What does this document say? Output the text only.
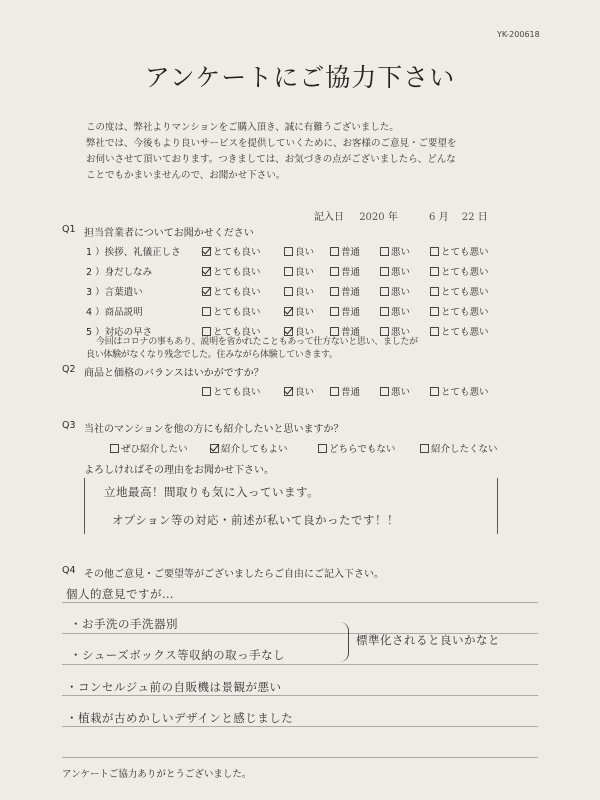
YK-200618
アンケートにご協力下さい
この度は、弊社よりマンションをご購入頂き、誠に有難うございました。
弊社では、今後もより良いサービスを提供していくために、お客様のご意見・ご要望を
お伺いさせて頂いております。つきましては、お気づきの点がございましたら、どんな
ことでもかまいませんので、お聞かせ下さい。
記入日 2020 年	6 月 22 日
Q1 担当営業者についてお聞かせください
1 ）挨拶、礼儀正しさ	とても良い	良い	普通	悪い	とても悪い
2 ）身だしなみ	とても良い	良い	普通	悪い	とても悪い
3 ）言葉遣い	とても良い	良い	普通	悪い	とても悪い
4 ）商品説明	とても良い	良い	普通	悪い	とても悪い
5 ）対応の早さ	とても良い	良い	普通	悪い	とても悪い
今回はコロナの事もあり、説明を省かれたこともあって仕方ないと思い、ましたが
良い体験がなくなり残念でした。住みながら体験していきます。
Q2 商品と価格のバランスはいかがですか？
とても良い	良い	普通	悪い	とても悪い
Q3 当社のマンションを他の方にも紹介したいと思いますか？
ぜひ紹介したい	紹介してもよい	どちらでもない	紹介したくない
よろしければその理由をお聞かせ下さい。
立地最高！間取りも気に入っています。
オプション等の対応・前述が私いて良かったです！！
Q4 その他ご意見・ご要望等がございましたらご自由にご記入下さい。
個人的意見ですが…
・お手洗の手洗器別
・シューズボックス等収納の取っ手なし
・コンセルジュ前の自販機は景観が悪い
・植栽が古めかしいデザインと感じました
標準化されると良いかなと
アンケートご協力ありがとうございました。
